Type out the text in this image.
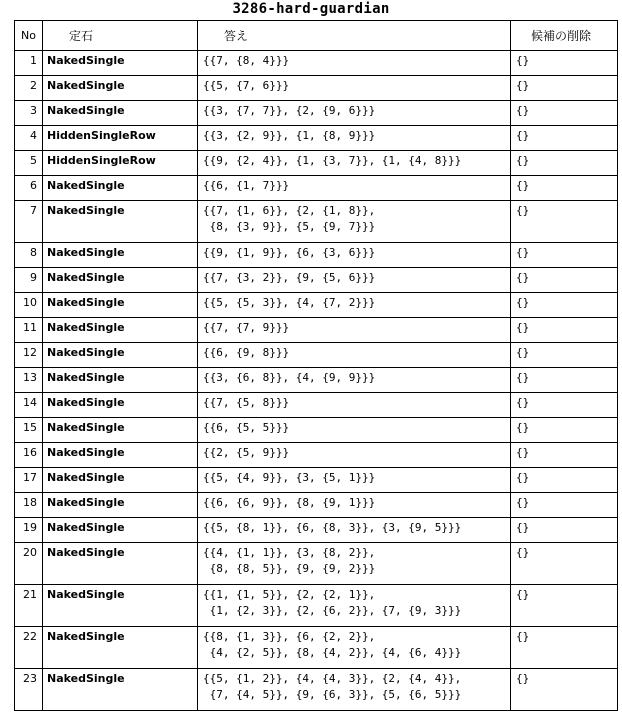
3286-hard-guardian
No	定石	答え	候補の削除
1	NakedSingle	{{7, {8, 4}}}	{}
2	NakedSingle	{{5, {7, 6}}}	{}
3	NakedSingle	{{3, {7, 7}}, {2, {9, 6}}}	{}
4	HiddenSingleRow	{{3, {2, 9}}, {1, {8, 9}}}	{}
5	HiddenSingleRow	{{9, {2, 4}}, {1, {3, 7}}, {1, {4, 8}}}	{}
6	NakedSingle	{{6, {1, 7}}}	{}
7	NakedSingle	{{7, {1, 6}}, {2, {1, 8}},
{8, {3, 9}}, {5, {9, 7}}}	{}
8	NakedSingle	{{9, {1, 9}}, {6, {3, 6}}}	{}
9	NakedSingle	{{7, {3, 2}}, {9, {5, 6}}}	{}
10	NakedSingle	{{5, {5, 3}}, {4, {7, 2}}}	{}
11	NakedSingle	{{7, {7, 9}}}	{}
12	NakedSingle	{{6, {9, 8}}}	{}
13	NakedSingle	{{3, {6, 8}}, {4, {9, 9}}}	{}
14	NakedSingle	{{7, {5, 8}}}	{}
15	NakedSingle	{{6, {5, 5}}}	{}
16	NakedSingle	{{2, {5, 9}}}	{}
17	NakedSingle	{{5, {4, 9}}, {3, {5, 1}}}	{}
18	NakedSingle	{{6, {6, 9}}, {8, {9, 1}}}	{}
19	NakedSingle	{{5, {8, 1}}, {6, {8, 3}}, {3, {9, 5}}}	{}
20	NakedSingle	{{4, {1, 1}}, {3, {8, 2}},
{8, {8, 5}}, {9, {9, 2}}}	{}
21	NakedSingle	{{1, {1, 5}}, {2, {2, 1}},
{1, {2, 3}}, {2, {6, 2}}, {7, {9, 3}}}	{}
22	NakedSingle	{{8, {1, 3}}, {6, {2, 2}},
{4, {2, 5}}, {8, {4, 2}}, {4, {6, 4}}}	{}
23	NakedSingle	{{5, {1, 2}}, {4, {4, 3}}, {2, {4, 4}},
{7, {4, 5}}, {9, {6, 3}}, {5, {6, 5}}}	{}
